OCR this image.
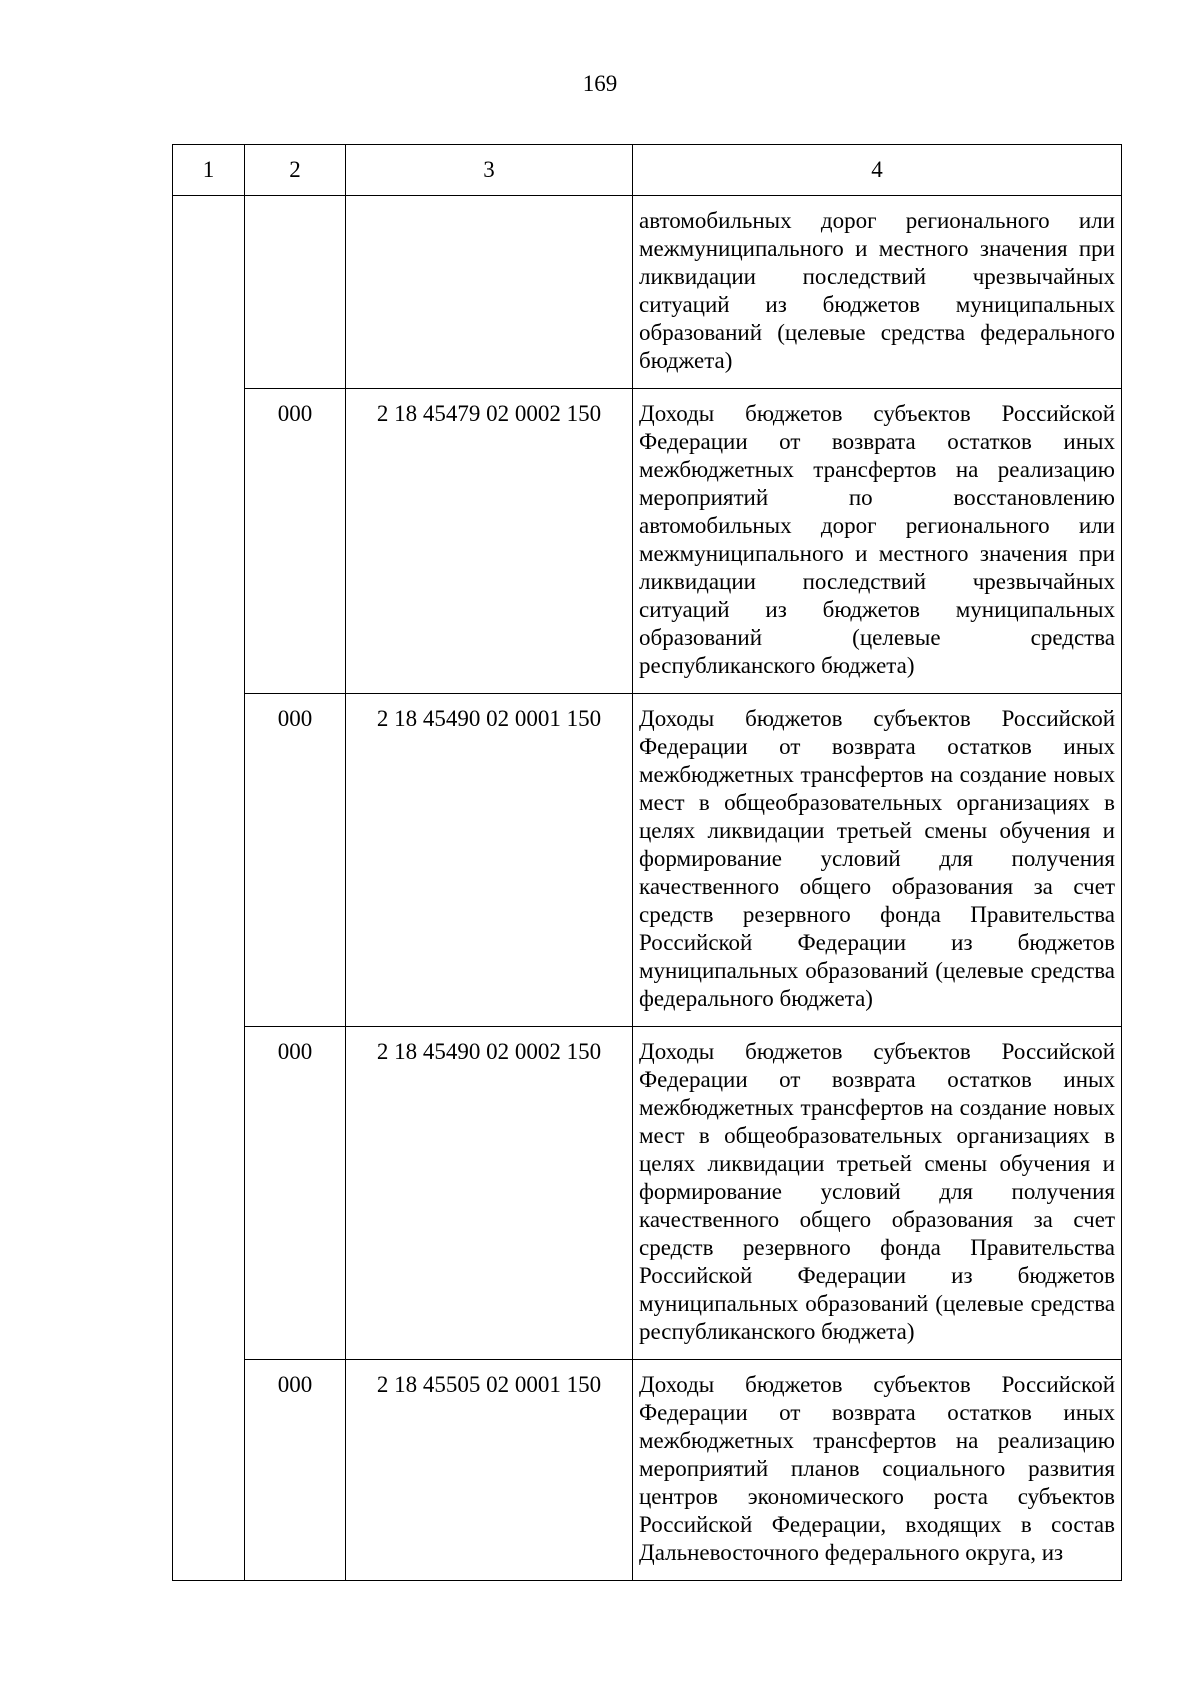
169
1	2	3	4

			автомобильных дорог регионального или межмуниципального и местного значения при ликвидации последствий чрезвычайных ситуаций из бюджетов муниципальных образований (целевые средства федерального бюджета)

	000	2 18 45479 02 0002 150	Доходы бюджетов субъектов Российской Федерации от возврата остатков иных межбюджетных трансфертов на реализацию мероприятий по восстановлению автомобильных дорог регионального или межмуниципального и местного значения при ликвидации последствий чрезвычайных ситуаций из бюджетов муниципальных образований (целевые средства республиканского бюджета)

	000	2 18 45490 02 0001 150	Доходы бюджетов субъектов Российской Федерации от возврата остатков иных межбюджетных трансфертов на создание новых мест в общеобразовательных организациях в целях ликвидации третьей смены обучения и формирование условий для получения качественного общего образования за счет средств резервного фонда Правительства Российской Федерации из бюджетов муниципальных образований (целевые средства федерального бюджета)

	000	2 18 45490 02 0002 150	Доходы бюджетов субъектов Российской Федерации от возврата остатков иных межбюджетных трансфертов на создание новых мест в общеобразовательных организациях в целях ликвидации третьей смены обучения и формирование условий для получения качественного общего образования за счет средств резервного фонда Правительства Российской Федерации из бюджетов муниципальных образований (целевые средства республиканского бюджета)

	000	2 18 45505 02 0001 150	Доходы бюджетов субъектов Российской Федерации от возврата остатков иных межбюджетных трансфертов на реализацию мероприятий планов социального развития центров экономического роста субъектов Российской Федерации, входящих в состав Дальневосточного федерального округа, из
